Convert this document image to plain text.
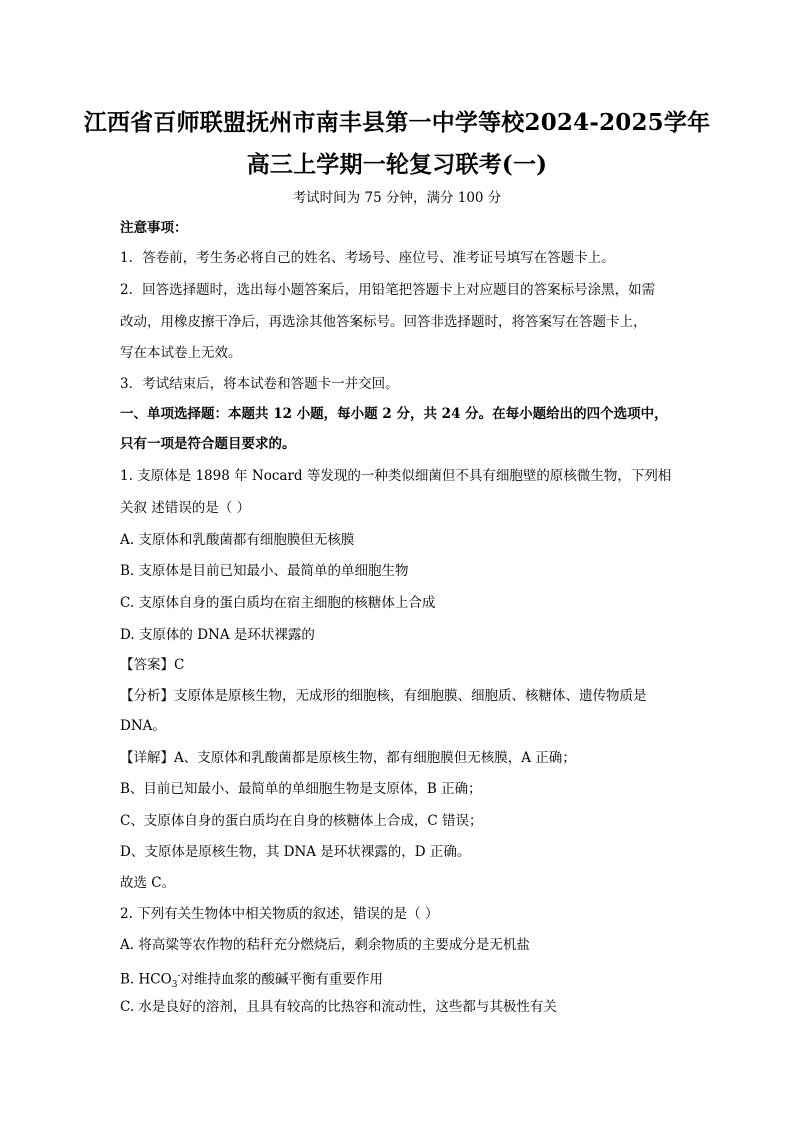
江西省百师联盟抚州市南丰县第一中学等校2024-2025学年
高三上学期一轮复习联考(一)
考试时间为 75 分钟，满分 100 分
注意事项：
1．答卷前，考生务必将自己的姓名、考场号、座位号、准考证号填写在答题卡上。
2．回答选择题时，选出每小题答案后，用铅笔把答题卡上对应题目的答案标号涂黑，如需
改动，用橡皮擦干净后，再选涂其他答案标号。回答非选择题时，将答案写在答题卡上，
写在本试卷上无效。
3．考试结束后，将本试卷和答题卡一并交回。
一、单项选择题：本题共 12 小题，每小题 2 分，共 24 分。在每小题给出的四个选项中，
只有一项是符合题目要求的。
1. 支原体是 1898 年 Nocard 等发现的一种类似细菌但不具有细胞壁的原核微生物，下列相
关叙 述错误的是（ ）
A. 支原体和乳酸菌都有细胞膜但无核膜
B. 支原体是目前已知最小、最简单的单细胞生物
C. 支原体自身的蛋白质均在宿主细胞的核糖体上合成
D. 支原体的 DNA 是环状裸露的
【答案】C
【分析】支原体是原核生物，无成形的细胞核，有细胞膜、细胞质、核糖体、遗传物质是
DNA。
【详解】A、支原体和乳酸菌都是原核生物，都有细胞膜但无核膜，A 正确；
B、目前已知最小、最简单的单细胞生物是支原体，B 正确；
C、支原体自身的蛋白质均在自身的核糖体上合成，C 错误；
D、支原体是原核生物，其 DNA 是环状裸露的，D 正确。
故选 C。
2. 下列有关生物体中相关物质的叙述，错误的是（ ）
A. 将高粱等农作物的秸秆充分燃烧后，剩余物质的主要成分是无机盐
B. $HCO_3^-$对维持血浆的酸碱平衡有重要作用
C. 水是良好的溶剂，且具有较高的比热容和流动性，这些都与其极性有关
